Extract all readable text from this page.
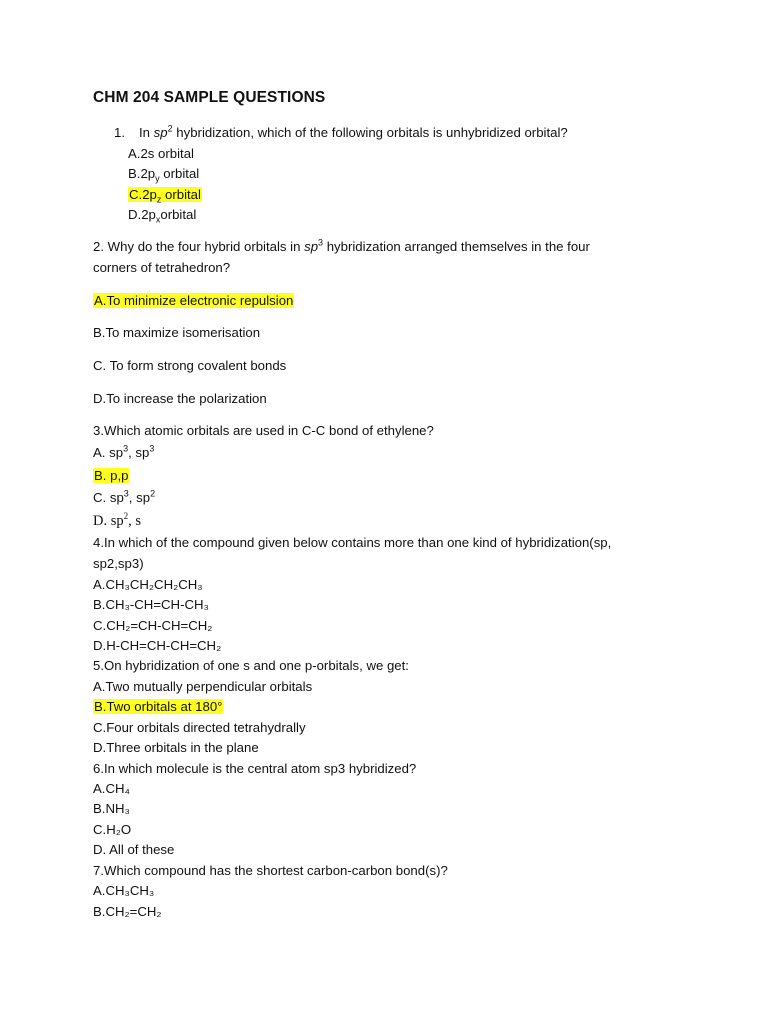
CHM 204 SAMPLE QUESTIONS
1. In $sp^2$ hybridization, which of the following orbitals is unhybridized orbital?
A.2s orbital
$B.2p_y$ orbital
$C.2p_z$ orbital
$D.2p_xorbital$
2. Why do the four hybrid orbitals in $sp^3$ hybridization arranged themselves in the four
corners of tetrahedron?
A.To minimize electronic repulsion
B.To maximize isomerisation
C. To form strong covalent bonds
D.To increase the polarization
3.Which atomic orbitals are used in C-C bond of ethylene?
A. $sp^3$, $sp^3$
B. p,p
C. $sp^3$, $sp^2$
D. $sp^2$, s
4.In which of the compound given below contains more than one kind of hybridization(sp,
sp2,sp3)
A.CH₃CH₂CH₂CH₃
B.CH₃-CH=CH-CH₃
C.CH₂=CH-CH=CH₂
D.H-CH=CH-CH=CH₂
5.On hybridization of one s and one p-orbitals, we get:
A.Two mutually perpendicular orbitals
B.Two orbitals at 180°
C.Four orbitals directed tetrahydrally
D.Three orbitals in the plane
6.In which molecule is the central atom sp3 hybridized?
A.CH₄
B.NH₃
C.H₂O
D. All of these
7.Which compound has the shortest carbon-carbon bond(s)?
A.CH₃CH₃
B.CH₂=CH₂
